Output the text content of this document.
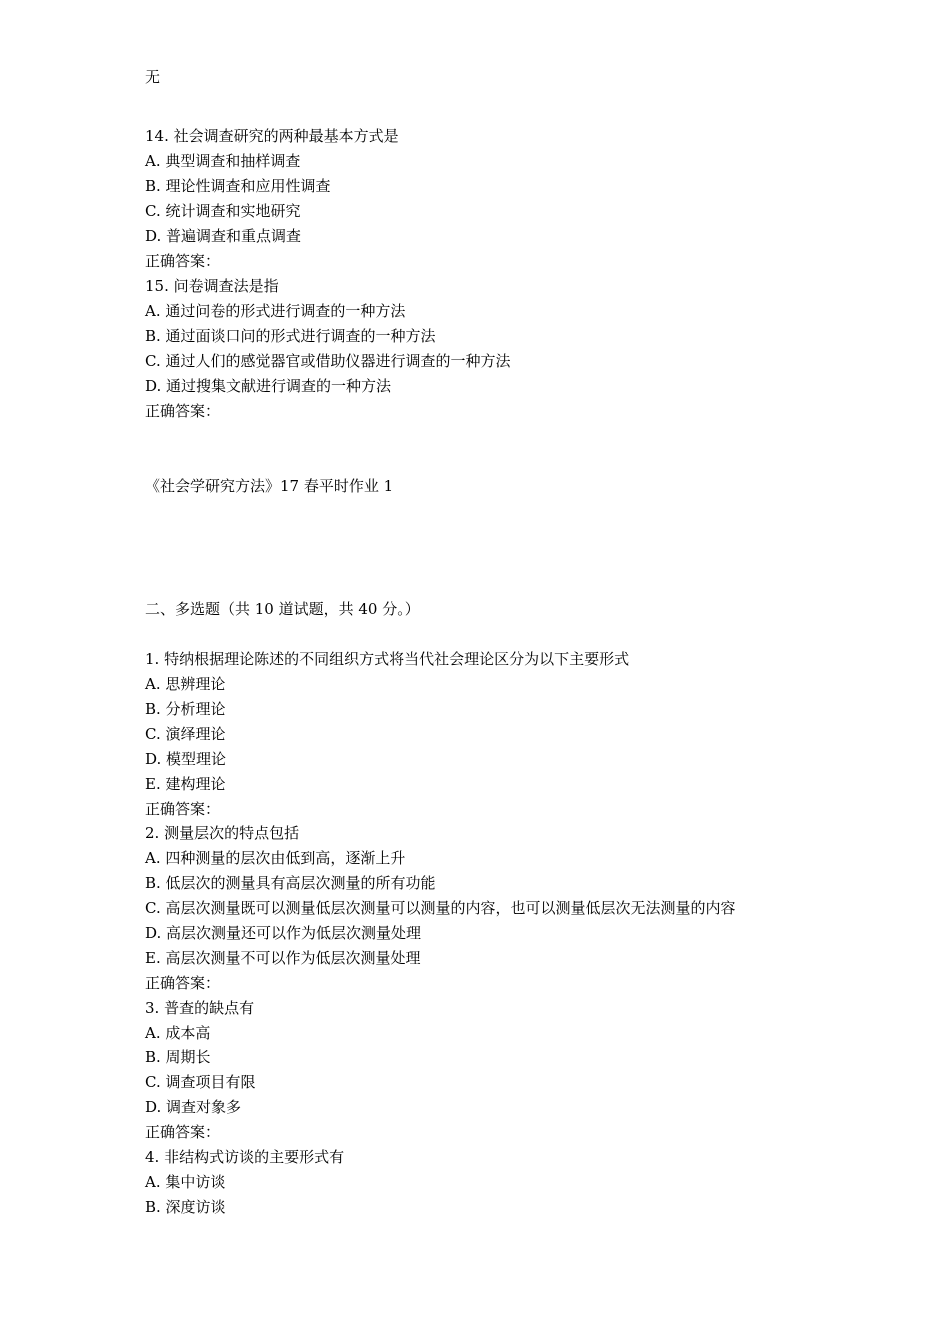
无
14. 社会调查研究的两种最基本方式是
A. 典型调查和抽样调查
B. 理论性调查和应用性调查
C. 统计调查和实地研究
D. 普遍调查和重点调查
正确答案：
15. 问卷调查法是指
A. 通过问卷的形式进行调查的一种方法
B. 通过面谈口问的形式进行调查的一种方法
C. 通过人们的感觉器官或借助仪器进行调查的一种方法
D. 通过搜集文献进行调查的一种方法
正确答案：
《社会学研究方法》17 春平时作业 1
二、多选题（共 10 道试题，共 40 分。）
1. 特纳根据理论陈述的不同组织方式将当代社会理论区分为以下主要形式
A. 思辨理论
B. 分析理论
C. 演绎理论
D. 模型理论
E. 建构理论
正确答案：
2. 测量层次的特点包括
A. 四种测量的层次由低到高，逐渐上升
B. 低层次的测量具有高层次测量的所有功能
C. 高层次测量既可以测量低层次测量可以测量的内容，也可以测量低层次无法测量的内容
D. 高层次测量还可以作为低层次测量处理
E. 高层次测量不可以作为低层次测量处理
正确答案：
3. 普查的缺点有
A. 成本高
B. 周期长
C. 调查项目有限
D. 调查对象多
正确答案：
4. 非结构式访谈的主要形式有
A. 集中访谈
B. 深度访谈
